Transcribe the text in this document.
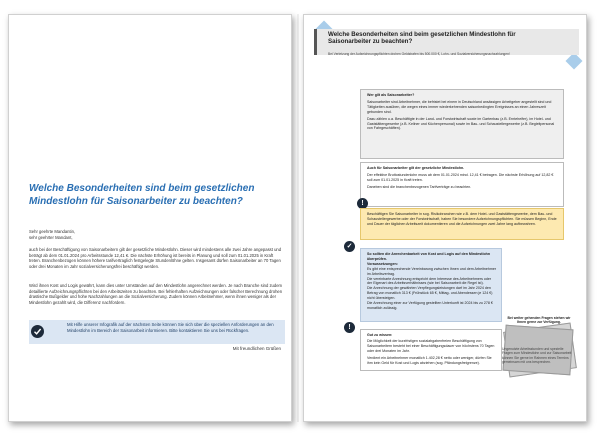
Welche Besonderheiten sind beim gesetzlichen Mindestlohn für Saisonarbeiter zu beachten?
Sehr geehrte Mandantin,
sehr geehrter Mandant,
auch bei der Beschäftigung von Saisonarbeitern gilt der gesetzliche Mindestlohn. Dieser wird mindestens alle zwei Jahre angepasst und beträgt ab dem 01.01.2024 pro Arbeitsstunde 12,41 €. Die nächste Erhöhung ist bereits in Planung und soll zum 01.01.2025 in Kraft treten. Branchenbezogen können höhere tarifvertraglich festgelegte Stundenlöhne gelten. Insgesamt dürfen Saisonarbeiter an 70 Tagen oder drei Monaten im Jahr sozialversicherungsfrei beschäftigt werden.
Wird ihnen Kost und Logis gewährt, kann dies unter Umständen auf den Mindestlohn angerechnet werden. Je nach Branche sind zudem detaillierte Aufzeichnungspflichten bei den Arbeitszeiten zu beachten. Bei fehlerhaften Aufzeichnungen oder falscher Berechnung drohen drastische Bußgelder und hohe Nachzahlungen an die Sozialversicherung. Zudem können Arbeitnehmer, wenn ihnen weniger als der Mindestlohn gezahlt wird, die Differenz nachfordern.
Mit Hilfe unserer Infografik auf der nächsten Seite können Sie sich über die speziellen Anforderungen an den Mindestlohn im Bereich der Saisonarbeit informieren. Bitte kontaktieren Sie uns bei Rückfragen.
Mit freundlichen Grüßen
Welche Besonderheiten sind beim gesetzlichen Mindestlohn für Saisonarbeiter zu beachten?
Bei Verletzung der Aufzeichnungspflichten drohen Geldstrafen bis 500.000 €, Lohn- und Sozialversicherungsnachzahlungen!
Wer gilt als Saisonarbeiter?
Saisonarbeiter sind Arbeitnehmer, die befristet bei einem in Deutschland ansässigen Arbeitgeber angestellt sind und Tätigkeiten ausüben, die wegen eines immer wiederkehrenden saisonbedingten Ereignisses an einen Jahreszeit gebunden sind.
Dazu zählen u.a. Beschäftigte in der Land- und Forstwirtschaft sowie im Gartenbau (z.B. Ernteheifer), im Hotel- und Gaststättengewerbe (z.B. Kellner und Küchenpersonal) sowie im Bau- und Schaustellergewerbe (z.B. Begleitpersonal von Fahrgeschäften).
Auch für Saisonarbeiter gilt der gesetzliche Mindestlohn.
Der effektive Bruttostundenlohn muss ab dem 01.01.2024 mind. 12,41 € betragen. Die nächste Erhöhung auf 12,82 € soll zum 01.01.2025 in Kraft treten.
Daneben sind die branchenbezogenen Tarifverträge zu beachten.
!
Beschäftigen Sie Saisonarbeiter in sog. Risikobranchen wie z.B. dem Hotel- und Gaststättengewerbe, dem Bau- und Schaustellergewerbe oder der Forstwirtschaft, haben Sie besondere Aufzeichnungspflichten. Sie müssen Beginn, Ende und Dauer der täglichen Arbeitszeit dokumentieren und die Aufzeichnungen zwei Jahre lang aufbewahren.
✓
So sollten die Anrechenbarkeit von Kost und Logis auf den Mindestlohn überprüfen.
Voraussetzungen:
Es gibt eine entsprechende Vereinbarung zwischen Ihnen und dem Arbeitnehmer im Arbeitsvertrag.
Die vereinbarte Anrechnung entspricht dem Interesse des Arbeitnehmers oder der Eigenart des Arbeitsverhältnisses (wie bei Saisonarbeit die Regel ist).
Die Anrechnung der gewährten Verpflegungsleistungen darf im Jahr 2024 den Betrag von monatlich 313 € (Frühstück 65 €, Mittag- und Abendessen je 124 €) nicht übersteigen.
Die Anrechnung einer zur Verfügung gestellten Unterkunft ist 2024 bis zu 278 € monatlich zulässig.
!
Gut zu wissen:
Die Möglichkeit der kurzfristigen sozialabgabenfreien Beschäftigung von Saisonarbeitern besteht bei einer Beschäftigungsdauer von höchstens 70 Tagen oder drei Monaten im Jahr.
Verdient ein Arbeitnehmer monatlich 1.402,28 € netto oder weniger, dürfen Sie ihm kein Geld für Kost und Logis abziehen (sog. Pfändungsfreigrenze).
Bei weiter gehenden Fragen stehen wir Ihnen gerne zur Verfügung.
Ungenutzte Arbeitsstunden und spezielle Fragen zum Mindestlohn und zur Saisonarbeit können Sie gerne im Rahmen eines Termins gemeinsam mit uns besprechen.
